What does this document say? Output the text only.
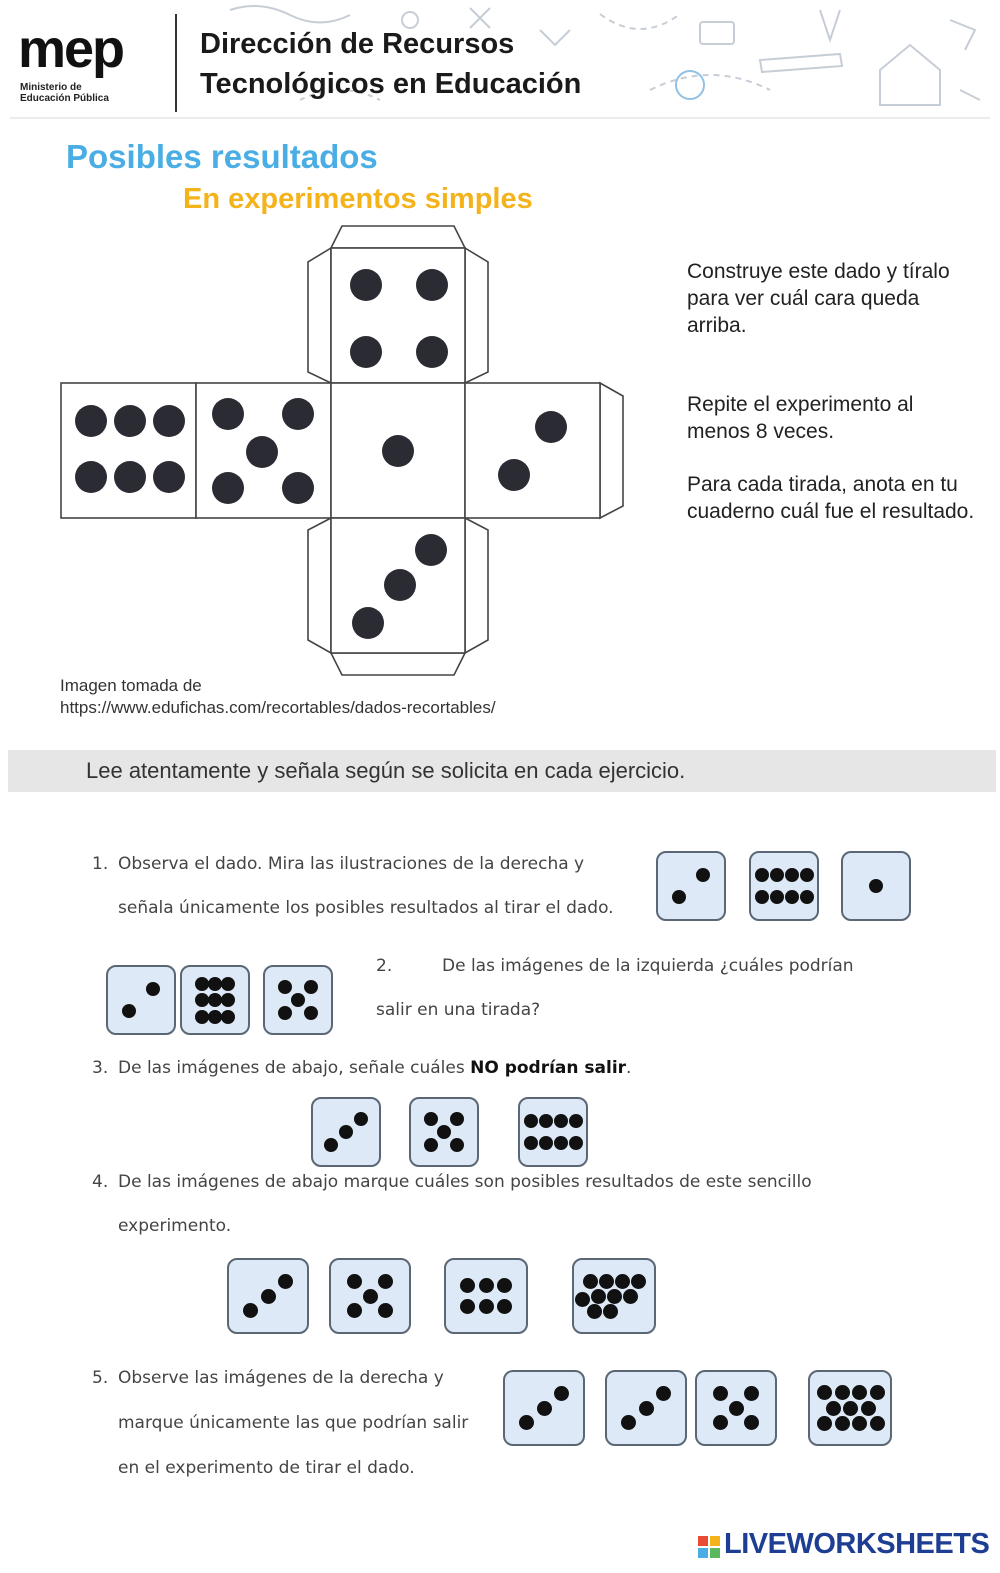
mep
Ministerio de
Educación Pública
Dirección de Recursos
Tecnológicos en Educación
Posibles resultados
En experimentos simples
Construye este dado y tíralo para ver cuál cara queda arriba.
Repite el experimento al menos 8 veces.
Para cada tirada, anota en tu cuaderno cuál fue el resultado.
Imagen tomada de
https://www.edufichas.com/recortables/dados-recortables/
Lee atentamente y señala según se solicita en cada ejercicio.
1. Observa el dado. Mira las ilustraciones de la derecha y
señala únicamente los posibles resultados al tirar el dado.
2.	De las imágenes de la izquierda ¿cuáles podrían
salir en una tirada?
3. De las imágenes de abajo, señale cuáles NO podrían salir.
4. De las imágenes de abajo marque cuáles son posibles resultados de este sencillo
experimento.
5. Observe las imágenes de la derecha y
marque únicamente las que podrían salir
en el experimento de tirar el dado.
LIVEWORKSHEETS
